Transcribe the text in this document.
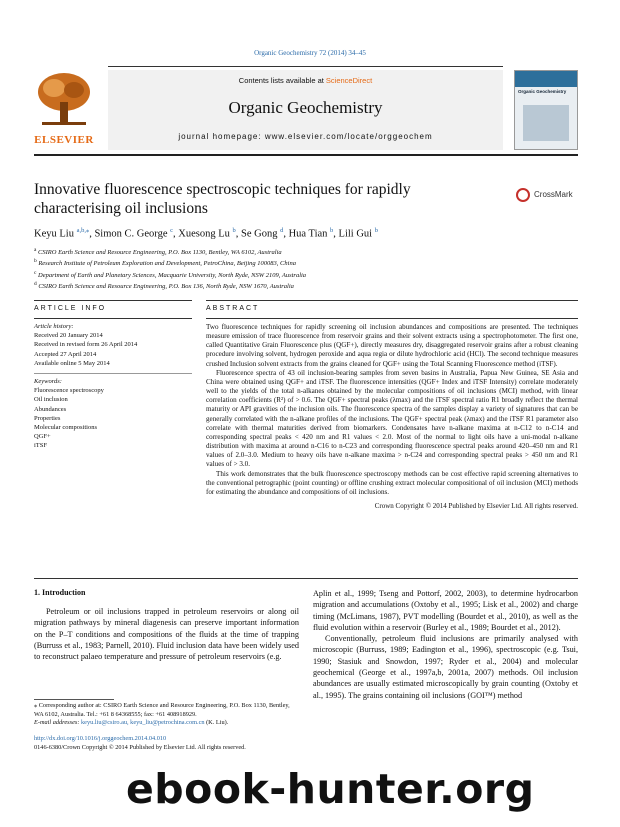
Organic Geochemistry 72 (2014) 34–45
ELSEVIER
Contents lists available at ScienceDirect
Organic Geochemistry
journal homepage: www.elsevier.com/locate/orggeochem
Organic Geochemistry
Innovative fluorescence spectroscopic techniques for rapidly characterising oil inclusions
CrossMark
Keyu Liu $^{a,b,⁎}$, Simon C. George $^c$, Xuesong Lu $^b$, Se Gong $^d$, Hua Tian $^b$, Lili Gui $^b$
$^a$ CSIRO Earth Science and Resource Engineering, P.O. Box 1130, Bentley, WA 6102, Australia
$^b$ Research Institute of Petroleum Exploration and Development, PetroChina, Beijing 100083, China
$^c$ Department of Earth and Planetary Sciences, Macquarie University, North Ryde, NSW 2109, Australia
$^d$ CSIRO Earth Science and Resource Engineering, P.O. Box 136, North Ryde, NSW 1670, Australia
ARTICLE INFO
Article history:
Received 20 January 2014
Received in revised form 26 April 2014
Accepted 27 April 2014
Available online 5 May 2014
Keywords:
Fluorescence spectroscopy
Oil inclusion
Abundances
Properties
Molecular compositions
QGF+
iTSF
ABSTRACT

Two fluorescence techniques for rapidly screening oil inclusion abundances and compositions are presented. The techniques measure emission of trace fluorescence from reservoir grains and their solvent extracts using a spectrophotometer. The first one, called Quantitative Grain Fluorescence plus (QGF+), directly measures dry, disaggregated reservoir grains after a robust cleaning procedure involving solvent, hydrogen peroxide and aqua regia or dilute hydrochloric acid (HCl). The second technique measures crushed Inclusion solvent extracts from the grains cleaned for QGF+ using the Total Scanning Fluorescence method (iTSF).

Fluorescence spectra of 43 oil inclusion-bearing samples from seven basins in Australia, Papua New Guinea, SE Asia and China were obtained using QGF+ and iTSF. The fluorescence intensities (QGF+ Index and iTSF Intensity) correlate moderately well to the yields of the total n-alkanes obtained by the molecular compositions of oil inclusions (MCI) method, with linear correlation coefficients (R²) of > 0.6. The QGF+ spectral peaks (λmax) and the iTSF spectral ratio R1 broadly reflect the thermal maturity or API gravities of the inclusion oils. The fluorescence spectra of the samples display a variety of signatures that can be generally correlated with the n-alkane profiles of the inclusions. The QGF+ spectral peak (λmax) and the iTSF R1 parameter also correlate with thermal maturities derived from biomarkers. Condensates have n-alkane maxima at n-C12 to n-C14 and corresponding spectral peaks < 420 nm and R1 values < 2.0. Most of the normal to light oils have a uni-modal n-alkane distribution with maxima at around n-C16 to n-C23 and corresponding fluorescence spectral peaks around 420–450 nm and R1 values of 2.0–3.0. Medium to heavy oils have n-alkane maxima > n-C24 and corresponding spectral peaks > 450 nm and R1 values of > 3.0.

This work demonstrates that the bulk fluorescence spectroscopy methods can be cost effective rapid screening alternatives to the conventional petrographic (point counting) or offline crushing extract molecular compositional of oil inclusion (MCI) methods for estimating the abundance and compositions of oil inclusions.

Crown Copyright © 2014 Published by Elsevier Ltd. All rights reserved.
1. Introduction

Petroleum or oil inclusions trapped in petroleum reservoirs or along oil migration pathways by mineral diagenesis can preserve important information on the P–T conditions and compositions of the fluids at the time of trapping (Burruss et al., 1983; Parnell, 2010). Fluid inclusion data have been widely used to reconstruct palaeo temperature and pressure of petroleum reservoirs (e.g.

Aplin et al., 1999; Tseng and Pottorf, 2002, 2003), to determine hydrocarbon migration and accumulations (Oxtoby et al., 1995; Lisk et al., 2002) and charge timing (McLimans, 1987), PVT modelling (Bourdet et al., 2010), as well as the fluid evolution within a reservoir (Burley et al., 1989; Bourdet et al., 2012).

Conventionally, petroleum fluid inclusions are primarily analysed with microscopic (Burruss, 1989; Eadington et al., 1996), spectroscopic (e.g. Tsui, 1990; Stasiuk and Snowdon, 1997; Ryder et al., 2004) and molecular geochemical (George et al., 1997a,b, 2001a, 2007) methods. Oil inclusion abundances are usually estimated microscopically by grain counting (Oxtoby et al., 1995). The grains containing oil inclusions (GOI™) method

⁎ Corresponding author at: CSIRO Earth Science and Resource Engineering, P.O. Box 1130, Bentley, WA 6102, Australia. Tel.: +61 8 64368555; fax: +61 408918929.
E-mail addresses: keyu.liu@csiro.au, keyu_liu@petrochina.com.cn (K. Liu).
http://dx.doi.org/10.1016/j.orggeochem.2014.04.010
0146-6380/Crown Copyright © 2014 Published by Elsevier Ltd. All rights reserved.
ebook-hunter.org
